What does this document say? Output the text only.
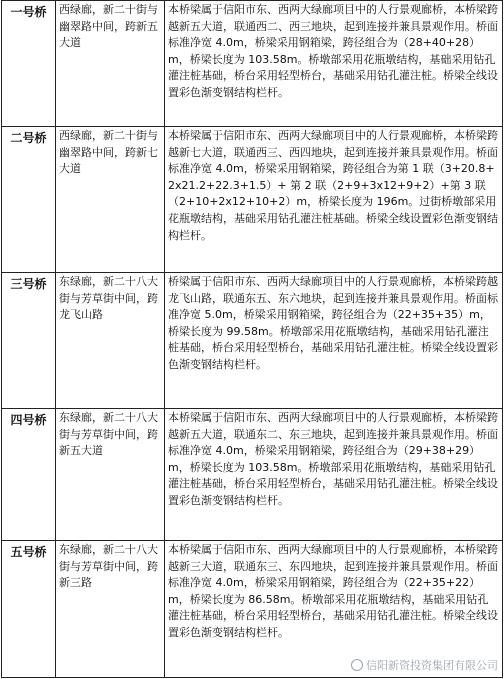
一号桥	西绿廊，新二十街与幽翠路中间，跨新五大道	本桥梁属于信阳市东、西两大绿廊项目中的人行景观廊桥，本桥梁跨越新五大道，联通西二、西三地块，起到连接并兼具景观作用。桥面标准净宽 4.0m，桥梁采用钢箱梁，跨径组合为（28+40+28）m，桥梁长度为 103.58m。桥墩部采用花瓶墩结构，基础采用钻孔灌注桩基础，桥台采用轻型桥台，基础采用钻孔灌注桩。桥梁全线设置彩色渐变钢结构栏杆。
二号桥	西绿廊，新二十街与幽翠路中间，跨新七大道	本桥梁属于信阳市东、西两大绿廊项目中的人行景观廊桥，本桥梁跨越新七大道，联通西三、西四地块，起到连接并兼具景观作用。桥面标准净宽 4.0m，桥梁采用钢箱梁，跨径组合为第 1 联（3+20.8+2x21.2+22.3+1.5）+ 第 2 联（2+9+3x12+9+2）+第 3 联（2+10+2x12+10+2）m，桥梁长度为 196m。过街桥墩部采用花瓶墩结构，基础采用钻孔灌注桩基础。桥梁全线设置彩色渐变钢结构栏杆。
三号桥	东绿廊，新二十八大街与芳草街中间，跨龙飞山路	桥梁属于信阳市东、西两大绿廊项目中的人行景观廊桥，本桥梁跨越龙飞山路，联通东五、东六地块，起到连接并兼具景观作用。桥面标准净宽 5.0m，桥梁采用钢箱梁，跨径组合为（22+35+35）m，桥梁长度为 99.58m。桥墩部采用花瓶墩结构，基础采用钻孔灌注桩基础，桥台采用轻型桥台，基础采用钻孔灌注桩。桥梁全线设置彩色渐变钢结构栏杆。
四号桥	东绿廊，新二十八大街与芳草街中间，跨新五大道	本桥梁属于信阳市东、西两大绿廊项目中的人行景观廊桥，本桥梁跨越新五大道，联通东二、东三地块，起到连接并兼具景观作用。桥面标准净宽 4.0m，桥梁采用钢箱梁，跨径组合为（29+38+29）m，桥梁长度为 103.58m。桥墩部采用花瓶墩结构，基础采用钻孔灌注桩基础，桥台采用轻型桥台，基础采用钻孔灌注桩。桥梁全线设置彩色渐变钢结构栏杆。
五号桥	东绿廊，新二十八大街与芳草街中间，跨新三路	本桥梁属于信阳市东、西两大绿廊项目中的人行景观廊桥，本桥梁跨越新三大道，联通东三、东四地块，起到连接并兼具景观作用。桥面标准净宽 4.0m，桥梁采用钢箱梁，跨径组合为（22+35+22）m，桥梁长度为 86.58m。桥墩部采用花瓶墩结构，基础采用钻孔灌注桩基础，桥台采用轻型桥台，基础采用钻孔灌注桩。桥梁全线设置彩色渐变钢结构栏杆。
信阳新资投资集团有限公司
